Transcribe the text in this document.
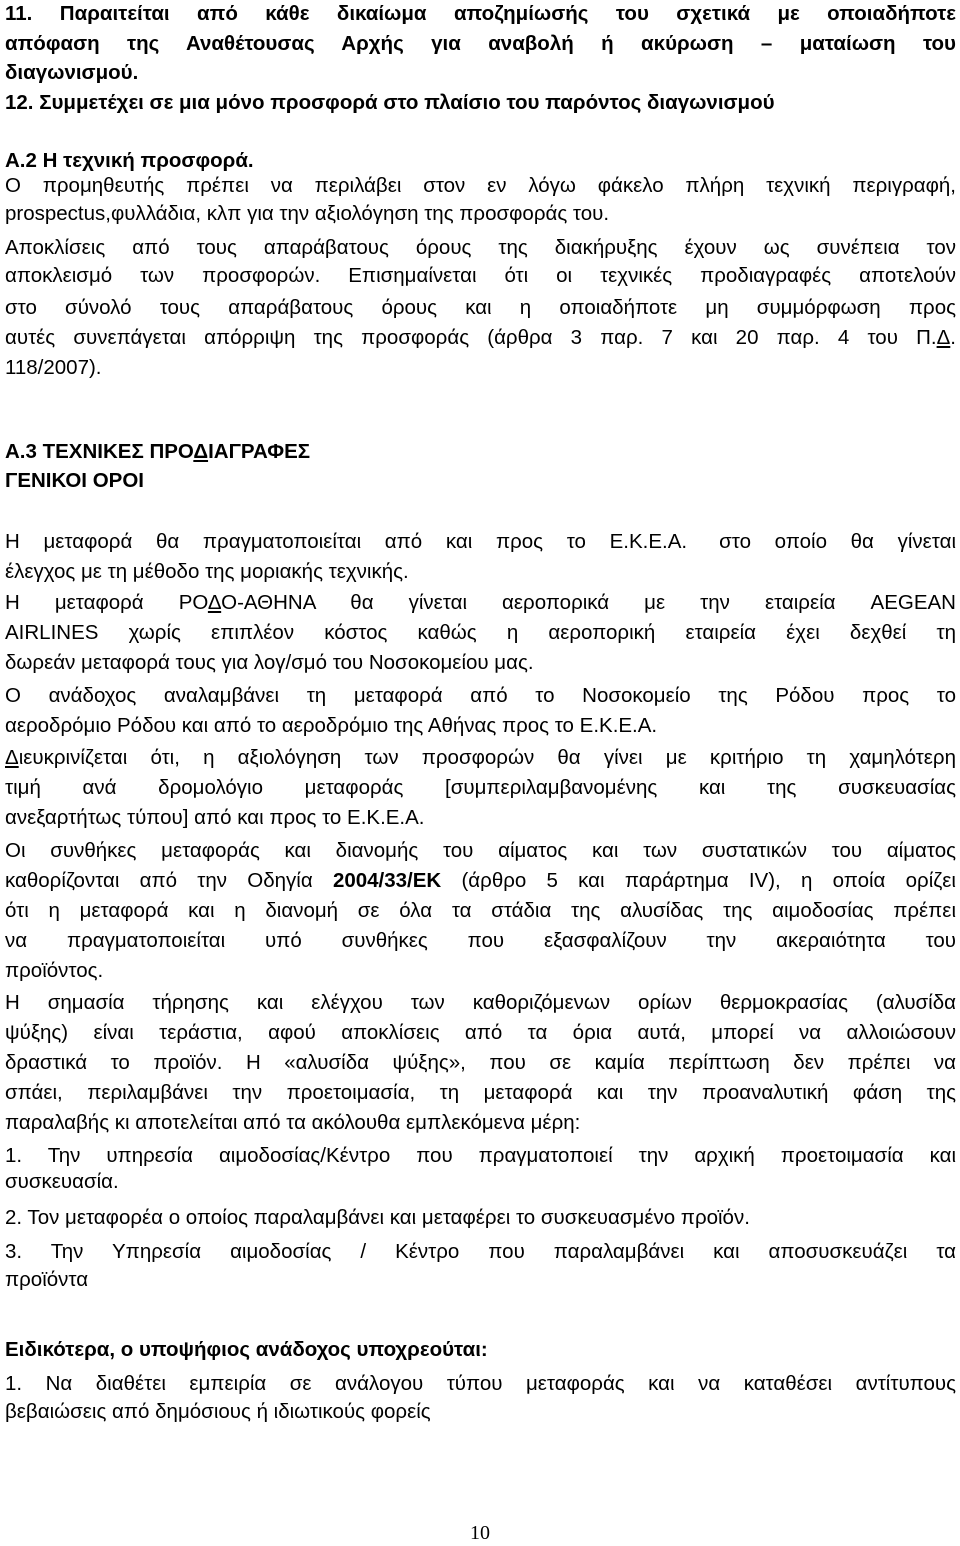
11. Παραιτείται από κάθε δικαίωμα αποζημίωσής του σχετικά με οποιαδήποτε
απόφαση της Αναθέτουσας Αρχής για αναβολή ή ακύρωση – ματαίωση του
διαγωνισμού.
12. Συμμετέχει σε μια μόνο προσφορά στο πλαίσιο του παρόντος διαγωνισμού
Α.2 Η τεχνική προσφορά.
Ο προμηθευτής πρέπει να περιλάβει στον εν λόγω φάκελο πλήρη τεχνική περιγραφή,
prospectus,φυλλάδια, κλπ για την αξιολόγηση της προσφοράς του.
Αποκλίσεις από τους απαράβατους όρους της διακήρυξης έχουν ως συνέπεια τον
αποκλεισμό των προσφορών. Επισημαίνεται ότι οι τεχνικές προδιαγραφές αποτελούν
στο σύνολό τους απαράβατους όρους και η οποιαδήποτε μη συμμόρφωση προς
αυτές συνεπάγεται απόρριψη της προσφοράς (άρθρα 3 παρ. 7 και 20 παρ. 4 του Π.Δ.
118/2007).
Α.3 ΤΕΧΝΙΚΕΣ ΠΡΟΔΙΑΓΡΑΦΕΣ
ΓΕΝΙΚΟΙ ΟΡΟΙ
Η μεταφορά θα πραγματοποιείται από και προς το Ε.Κ.Ε.Α. στο οποίο θα γίνεται
έλεγχος με τη μέθοδο της μοριακής τεχνικής.
Η μεταφορά ΡΟΔΟ-ΑΘΗΝΑ θα γίνεται αεροπορικά με την εταιρεία AEGEAN
AIRLINES χωρίς επιπλέον κόστος καθώς η αεροπορική εταιρεία έχει δεχθεί τη
δωρεάν μεταφορά τους για λογ/σμό του Νοσοκομείου μας.
Ο ανάδοχος αναλαμβάνει τη μεταφορά από το Νοσοκομείο της Ρόδου προς το
αεροδρόμιο Ρόδου και από το αεροδρόμιο της Αθήνας προς το Ε.Κ.Ε.Α.
Διευκρινίζεται ότι, η αξιολόγηση των προσφορών θα γίνει με κριτήριο τη χαμηλότερη
τιμή ανά δρομολόγιο μεταφοράς [συμπεριλαμβανομένης και της συσκευασίας
ανεξαρτήτως τύπου] από και προς το Ε.Κ.Ε.Α.
Οι συνθήκες μεταφοράς και διανομής του αίματος και των συστατικών του αίματος
καθορίζονται από την Οδηγία 2004/33/ΕΚ (άρθρο 5 και παράρτημα IV), η οποία ορίζει
ότι η μεταφορά και η διανομή σε όλα τα στάδια της αλυσίδας της αιμοδοσίας πρέπει
να πραγματοποιείται υπό συνθήκες που εξασφαλίζουν την ακεραιότητα του
προϊόντος.
Η σημασία τήρησης και ελέγχου των καθοριζόμενων ορίων θερμοκρασίας (αλυσίδα
ψύξης) είναι τεράστια, αφού αποκλίσεις από τα όρια αυτά, μπορεί να αλλοιώσουν
δραστικά το προϊόν. Η «αλυσίδα ψύξης», που σε καμία περίπτωση δεν πρέπει να
σπάει, περιλαμβάνει την προετοιμασία, τη μεταφορά και την προαναλυτική φάση της
παραλαβής κι αποτελείται από τα ακόλουθα εμπλεκόμενα μέρη:
1. Την υπηρεσία αιμοδοσίας/Κέντρο που πραγματοποιεί την αρχική προετοιμασία και
συσκευασία.
2. Τον μεταφορέα ο οποίος παραλαμβάνει και μεταφέρει το συσκευασμένο προϊόν.
3. Την Υπηρεσία αιμοδοσίας / Κέντρο που παραλαμβάνει και αποσυσκευάζει τα
προϊόντα
Ειδικότερα, ο υποψήφιος ανάδοχος υποχρεούται:
1. Να διαθέτει εμπειρία σε ανάλογου τύπου μεταφοράς και να καταθέσει αντίτυπους
βεβαιώσεις από δημόσιους ή ιδιωτικούς φορείς
10
